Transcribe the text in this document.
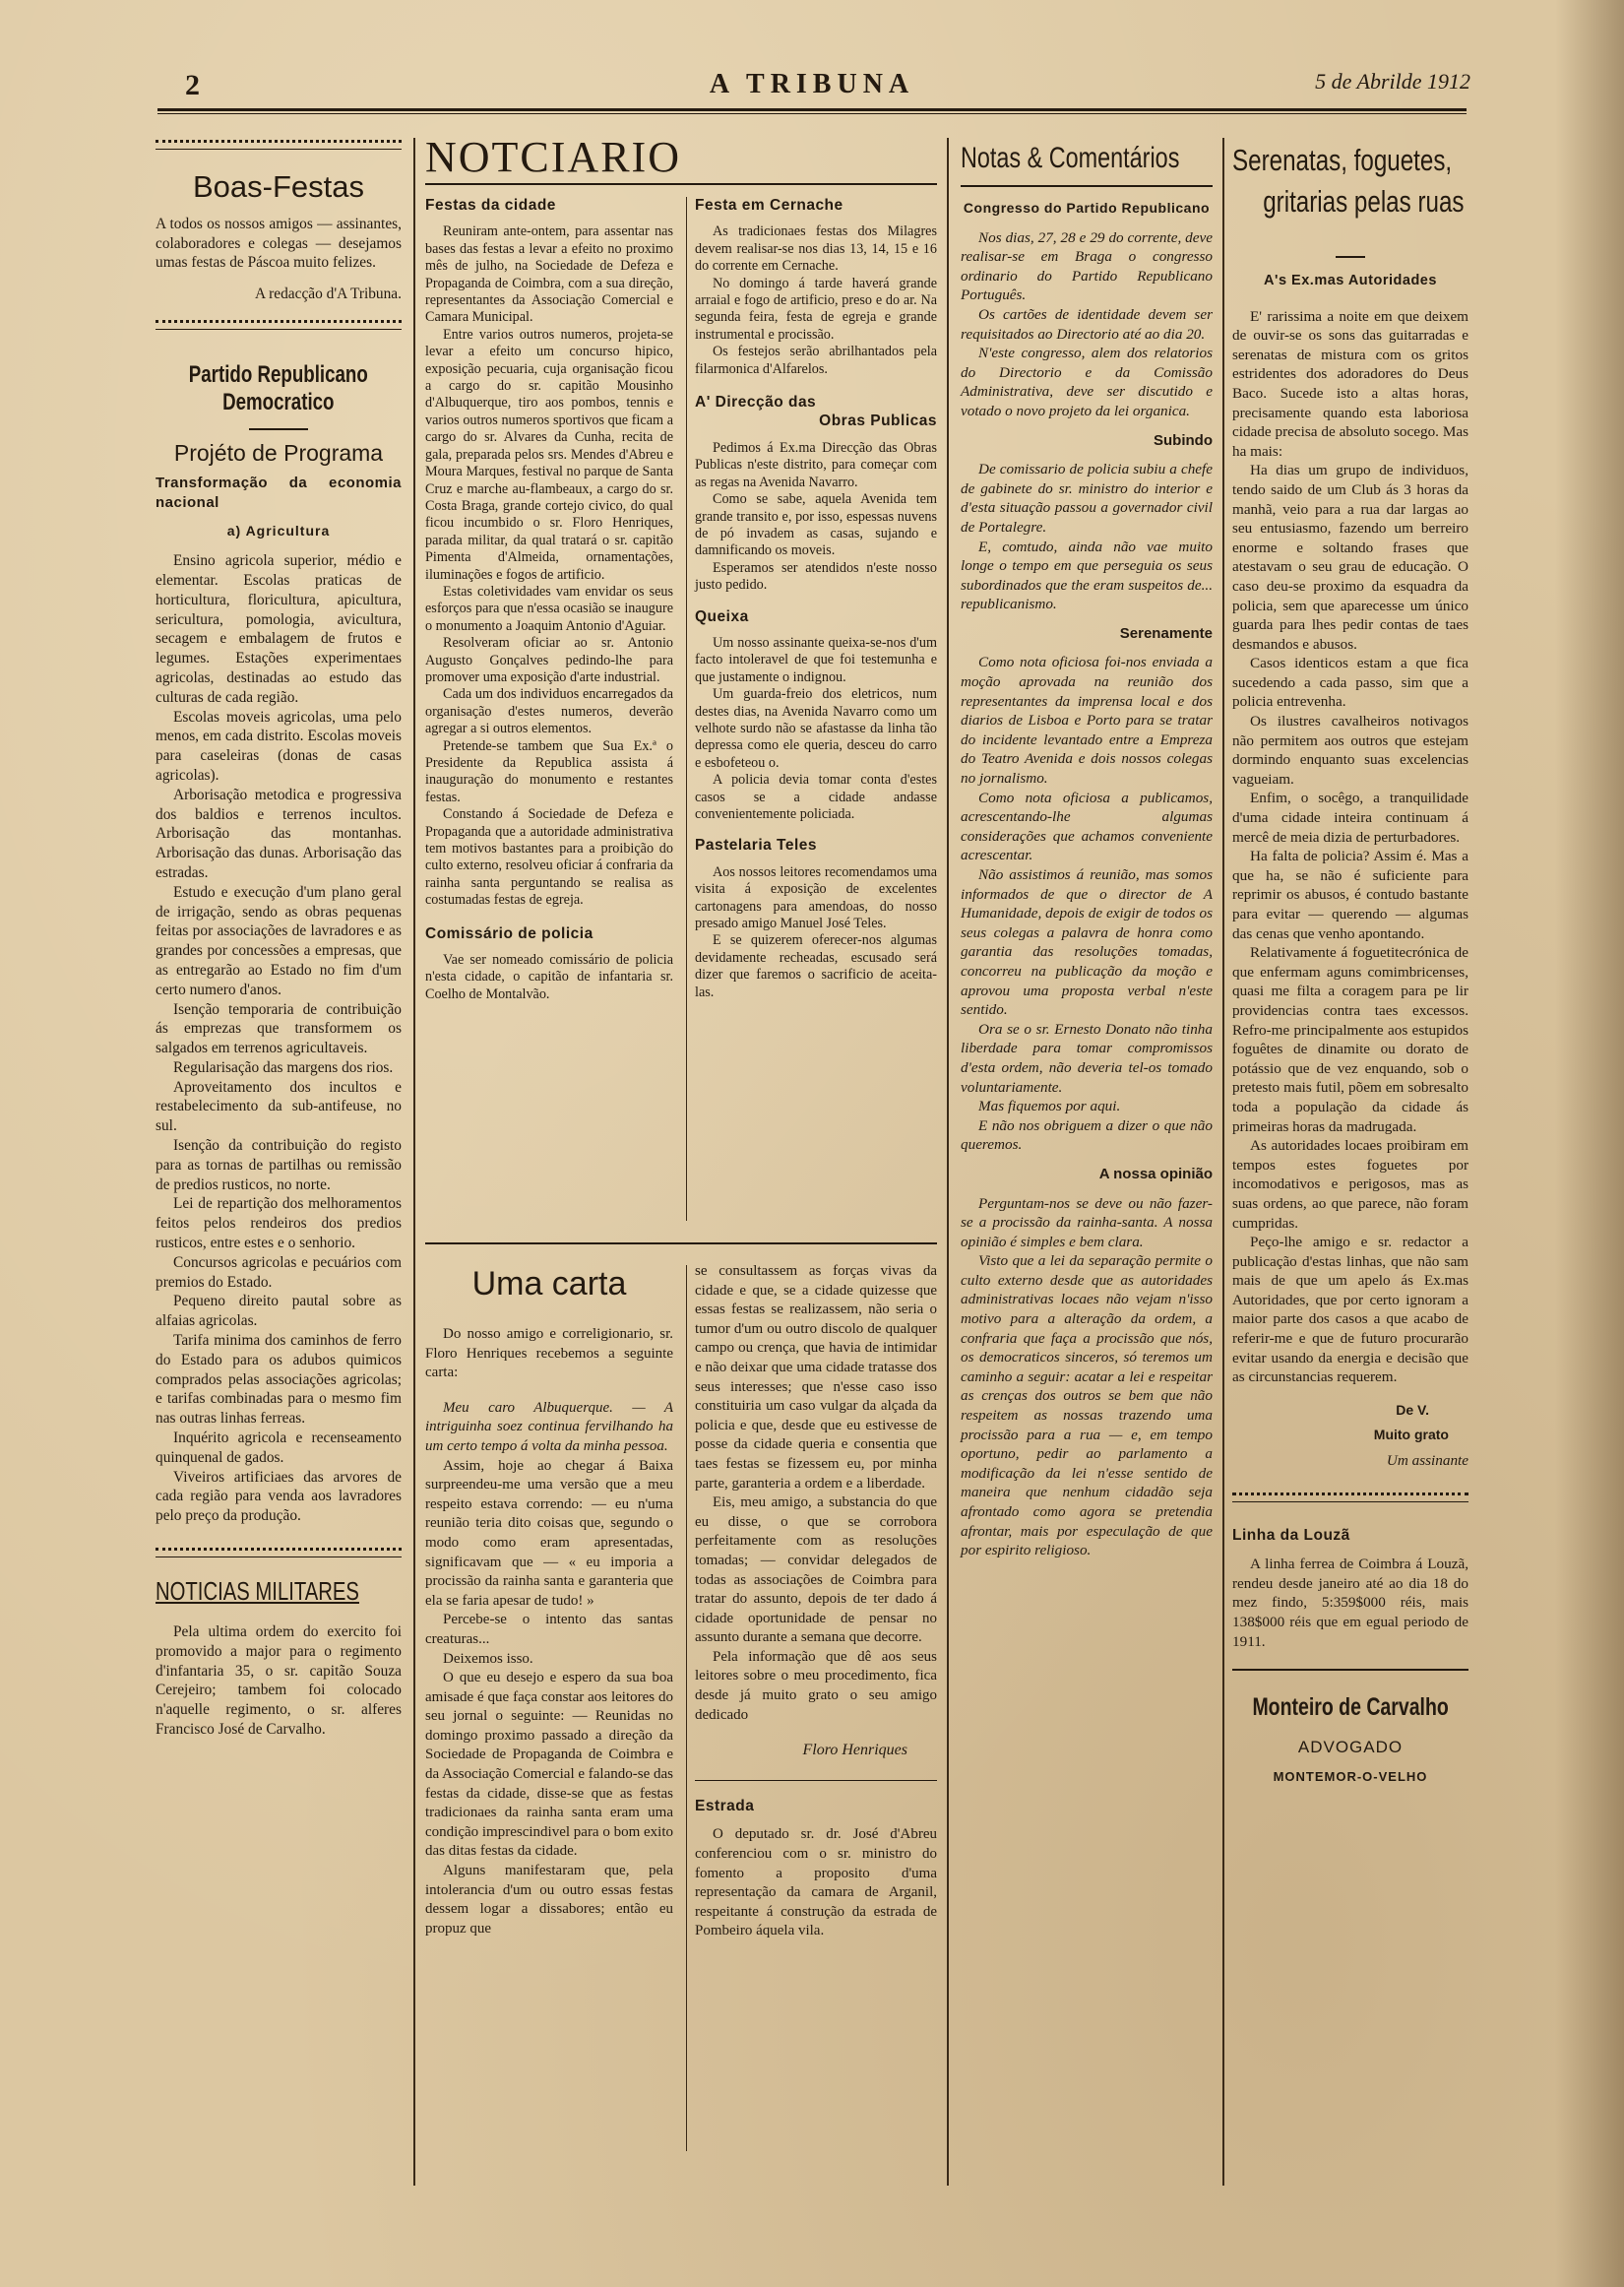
2	A TRIBUNA	5 de Abrilde 1912
Boas-Festas

A todos os nossos amigos — assinantes, colaboradores e colegas — desejamos umas festas de Páscoa muito felizes.

A redacção d'A Tribuna.

Partido Republicano
Democratico
Projéto de Programa
Transformação da economia nacional
a) Agricultura

Ensino agricola superior, médio e elementar. Escolas praticas de horticultura, floricultura, apicultura, sericultura, pomologia, avicultura, secagem e embalagem de frutos e legumes. Estações experimentaes agricolas, destinadas ao estudo das culturas de cada região.

Escolas moveis agricolas, uma pelo menos, em cada distrito. Escolas moveis para caseleiras (donas de casas agricolas).

Arborisação metodica e progressiva dos baldios e terrenos incultos. Arborisação das montanhas. Arborisação das dunas. Arborisação das estradas.

Estudo e execução d'um plano geral de irrigação, sendo as obras pequenas feitas por associações de lavradores e as grandes por concessões a empresas, que as entregarão ao Estado no fim d'um certo numero d'anos.

Isenção temporaria de contribuição ás emprezas que transformem os salgados em terrenos agricultaveis.

Regularisação das margens dos rios.

Aproveitamento dos incultos e restabelecimento da sub-antifeuse, no sul.

Isenção da contribuição do registo para as tornas de partilhas ou remissão de predios rusticos, no norte.

Lei de repartição dos melhoramentos feitos pelos rendeiros dos predios rusticos, entre estes e o senhorio.

Concursos agricolas e pecuários com premios do Estado.

Pequeno direito pautal sobre as alfaias agricolas.

Tarifa minima dos caminhos de ferro do Estado para os adubos quimicos comprados pelas associações agricolas; e tarifas combinadas para o mesmo fim nas outras linhas ferreas.

Inquérito agricola e recenseamento quinquenal de gados.

Viveiros artificiaes das arvores de cada região para venda aos lavradores pelo preço da produção.

NOTICIAS MILITARES

Pela ultima ordem do exercito foi promovido a major para o regimento d'infantaria 35, o sr. capitão Souza Cerejeiro; tambem foi colocado n'aquelle regimento, o sr. alferes Francisco José de Carvalho.

NOTCIARIO
Festas da cidade

Reuniram ante-ontem, para assentar nas bases das festas a levar a efeito no proximo mês de julho, na Sociedade de Defeza e Propaganda de Coimbra, com a sua direção, representantes da Associação Comercial e Camara Municipal.

Entre varios outros numeros, projeta-se levar a efeito um concurso hipico, exposição pecuaria, cuja organisação ficou a cargo do sr. capitão Mousinho d'Albuquerque, tiro aos pombos, tennis e varios outros numeros sportivos que ficam a cargo do sr. Alvares da Cunha, recita de gala, preparada pelos srs. Mendes d'Abreu e Moura Marques, festival no parque de Santa Cruz e marche au-flambeaux, a cargo do sr. Costa Braga, grande cortejo civico, do qual ficou incumbido o sr. Floro Henriques, parada militar, da qual tratará o sr. capitão Pimenta d'Almeida, ornamentações, iluminações e fogos de artificio.

Estas coletividades vam envidar os seus esforços para que n'essa ocasião se inaugure o monumento a Joaquim Antonio d'Aguiar.

Resolveram oficiar ao sr. Antonio Augusto Gonçalves pedindo-lhe para promover uma exposição d'arte industrial.

Cada um dos individuos encarregados da organisação d'estes numeros, deverão agregar a si outros elementos.

Pretende-se tambem que Sua Ex.ª o Presidente da Republica assista á inauguração do monumento e restantes festas.

Constando á Sociedade de Defeza e Propaganda que a autoridade administrativa tem motivos bastantes para a proibição do culto externo, resolveu oficiar á confraria da rainha santa perguntando se realisa as costumadas festas de egreja.

Comissário de policia

Vae ser nomeado comissário de policia n'esta cidade, o capitão de infantaria sr. Coelho de Montalvão.

Festa em Cernache

As tradicionaes festas dos Milagres devem realisar-se nos dias 13, 14, 15 e 16 do corrente em Cernache.

No domingo á tarde haverá grande arraial e fogo de artificio, preso e do ar. Na segunda feira, festa de egreja e grande instrumental e procissão.

Os festejos serão abrilhantados pela filarmonica d'Alfarelos.

A' Direcção das
Obras Publicas

Pedimos á Ex.ma Direcção das Obras Publicas n'este distrito, para começar com as regas na Avenida Navarro.

Como se sabe, aquela Avenida tem grande transito e, por isso, espessas nuvens de pó invadem as casas, sujando e damnificando os moveis.

Esperamos ser atendidos n'este nosso justo pedido.

Queixa

Um nosso assinante queixa-se-nos d'um facto intoleravel de que foi testemunha e que justamente o indignou.

Um guarda-freio dos eletricos, num destes dias, na Avenida Navarro como um velhote surdo não se afastasse da linha tão depressa como ele queria, desceu do carro e esbofeteou o.

A policia devia tomar conta d'estes casos se a cidade andasse convenientemente policiada.

Pastelaria Teles

Aos nossos leitores recomendamos uma visita á exposição de excelentes cartonagens para amendoas, do nosso presado amigo Manuel José Teles.

E se quizerem oferecer-nos algumas devidamente recheadas, escusado será dizer que faremos o sacrificio de aceita-las.

Uma carta

Do nosso amigo e correligionario, sr. Floro Henriques recebemos a seguinte carta:

Meu caro Albuquerque. — A intriguinha soez continua fervilhando ha um certo tempo á volta da minha pessoa.

Assim, hoje ao chegar á Baixa surpreendeu-me uma versão que a meu respeito estava correndo: — eu n'uma reunião teria dito coisas que, segundo o modo como eram apresentadas, significavam que — « eu imporia a procissão da rainha santa e garanteria que ela se faria apesar de tudo! »

Percebe-se o intento das santas creaturas...

Deixemos isso.

O que eu desejo e espero da sua boa amisade é que faça constar aos leitores do seu jornal o seguinte: — Reunidas no domingo proximo passado a direção da Sociedade de Propaganda de Coimbra e da Associação Comercial e falando-se das festas da cidade, disse-se que as festas tradicionaes da rainha santa eram uma condição imprescindivel para o bom exito das ditas festas da cidade.

Alguns manifestaram que, pela intolerancia d'um ou outro essas festas dessem logar a dissabores; então eu propuz que

se consultassem as forças vivas da cidade e que, se a cidade quizesse que essas festas se realizassem, não seria o tumor d'um ou outro discolo de qualquer campo ou crença, que havia de intimidar e não deixar que uma cidade tratasse dos seus interesses; que n'esse caso isso constituiria um caso vulgar da alçada da policia e que, desde que eu estivesse de posse da cidade queria e consentia que taes festas se fizessem eu, por minha parte, garanteria a ordem e a liberdade.

Eis, meu amigo, a substancia do que eu disse, o que se corrobora perfeitamente com as resoluções tomadas; — convidar delegados de todas as associações de Coimbra para tratar do assunto, depois de ter dado á cidade oportunidade de pensar no assunto durante a semana que decorre.

Pela informação que dê aos seus leitores sobre o meu procedimento, fica desde já muito grato o seu amigo dedicado

Floro Henriques

Estrada

O deputado sr. dr. José d'Abreu conferenciou com o sr. ministro do fomento a proposito d'uma representação da camara de Arganil, respeitante á construção da estrada de Pombeiro áquela vila.

Notas & Comentários
Congresso do Partido Republicano

Nos dias, 27, 28 e 29 do corrente, deve realisar-se em Braga o congresso ordinario do Partido Republicano Português.

Os cartões de identidade devem ser requisitados ao Directorio até ao dia 20.

N'este congresso, alem dos relatorios do Directorio e da Comissão Administrativa, deve ser discutido e votado o novo projeto da lei organica.

Subindo

De comissario de policia subiu a chefe de gabinete do sr. ministro do interior e d'esta situação passou a governador civil de Portalegre.

E, comtudo, ainda não vae muito longe o tempo em que perseguia os seus subordinados que the eram suspeitos de... republicanismo.

Serenamente

Como nota oficiosa foi-nos enviada a moção aprovada na reunião dos representantes da imprensa local e dos diarios de Lisboa e Porto para se tratar do incidente levantado entre a Empreza do Teatro Avenida e dois nossos colegas no jornalismo.

Como nota oficiosa a publicamos, acrescentando-lhe algumas considerações que achamos conveniente acrescentar.

Não assistimos á reunião, mas somos informados de que o director de A Humanidade, depois de exigir de todos os seus colegas a palavra de honra como garantia das resoluções tomadas, concorreu na publicação da moção e aprovou uma proposta verbal n'este sentido.

Ora se o sr. Ernesto Donato não tinha liberdade para tomar compromissos d'esta ordem, não deveria tel-os tomado voluntariamente.

Mas fiquemos por aqui.

E não nos obriguem a dizer o que não queremos.

A nossa opinião

Perguntam-nos se deve ou não fazer-se a procissão da rainha-santa. A nossa opinião é simples e bem clara.

Visto que a lei da separação permite o culto externo desde que as autoridades administrativas locaes não vejam n'isso motivo para a alteração da ordem, a confraria que faça a procissão que nós, os democraticos sinceros, só teremos um caminho a seguir: acatar a lei e respeitar as crenças dos outros se bem que não respeitem as nossas trazendo uma procissão para a rua — e, em tempo oportuno, pedir ao parlamento a modificação da lei n'esse sentido de maneira que nenhum cidadão seja afrontado como agora se pretendia afrontar, mais por especulação de que por espirito religioso.

Serenatas, foguetes,
gritarias pelas ruas
A's Ex.mas Autoridades

E' rarissima a noite em que deixem de ouvir-se os sons das guitarradas e serenatas de mistura com os gritos estridentes dos adoradores do Deus Baco. Sucede isto a altas horas, precisamente quando esta laboriosa cidade precisa de absoluto socego. Mas ha mais:

Ha dias um grupo de individuos, tendo saido de um Club ás 3 horas da manhã, veio para a rua dar largas ao seu entusiasmo, fazendo um berreiro enorme e soltando frases que atestavam o seu grau de educação. O caso deu-se proximo da esquadra da policia, sem que aparecesse um único guarda para lhes pedir contas de taes desmandos e abusos.

Casos identicos estam a que fica sucedendo a cada passo, sim que a policia entrevenha.

Os ilustres cavalheiros notivagos não permitem aos outros que estejam dormindo enquanto suas excelencias vagueiam.

Enfim, o socêgo, a tranquilidade d'uma cidade inteira continuam á mercê de meia dizia de perturbadores.

Ha falta de policia? Assim é. Mas a que ha, se não é suficiente para reprimir os abusos, é contudo bastante para evitar — querendo — algumas das cenas que venho apontando.

Relativamente á foguetitecrónica de que enfermam aguns comimbricenses, quasi me filta a coragem para pe lir providencias contra taes excessos. Refro-me principalmente aos estupidos foguêtes de dinamite ou dorato de potássio que de vez enquando, sob o pretesto mais futil, põem em sobresalto toda a população da cidade ás primeiras horas da madrugada.

As autoridades locaes proibiram em tempos estes foguetes por incomodativos e perigosos, mas as suas ordens, ao que parece, não foram cumpridas.

Peço-lhe amigo e sr. redactor a publicação d'estas linhas, que não sam mais de que um apelo ás Ex.mas Autoridades, que por certo ignoram a maior parte dos casos a que acabo de referir-me e que de futuro procurarão evitar usando da energia e decisão que as circunstancias requerem.

De V.

Muito grato

Um assinante

Linha da Louzã

A linha ferrea de Coimbra á Louzã, rendeu desde janeiro até ao dia 18 do mez findo, 5:359$000 réis, mais 138$000 réis que em egual periodo de 1911.

Monteiro de Carvalho
ADVOGADO
MONTEMOR-O-VELHO
